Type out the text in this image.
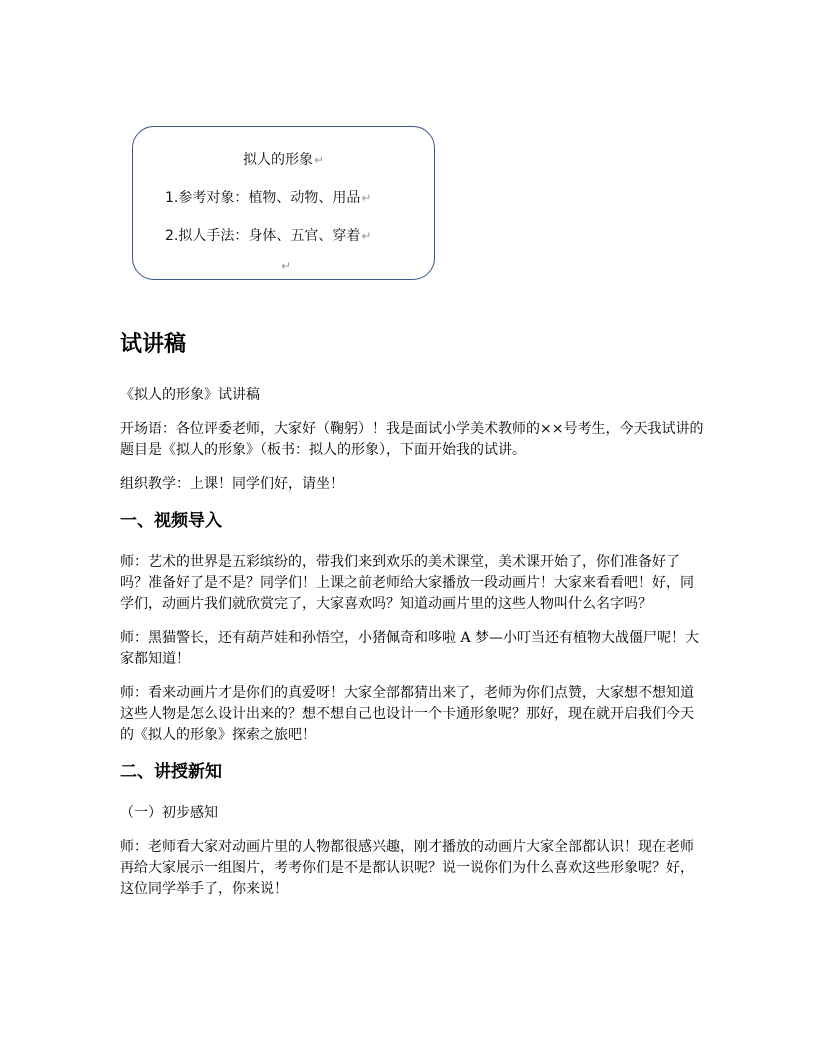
拟人的形象↵
1.参考对象：植物、动物、用品↵
2.拟人手法：身体、五官、穿着↵
↵
试讲稿

《拟人的形象》试讲稿

开场语：各位评委老师，大家好（鞠躬）！我是面试小学美术教师的××号考生，今天我试讲的题目是《拟人的形象》（板书：拟人的形象），下面开始我的试讲。

组织教学：上课！同学们好，请坐！

一、视频导入

师：艺术的世界是五彩缤纷的，带我们来到欢乐的美术课堂，美术课开始了，你们准备好了吗？准备好了是不是？同学们！上课之前老师给大家播放一段动画片！大家来看看吧！好，同学们，动画片我们就欣赏完了，大家喜欢吗？知道动画片里的这些人物叫什么名字吗？

师：黑猫警长，还有葫芦娃和孙悟空，小猪佩奇和哆啦 A 梦—小叮当还有植物大战僵尸呢！大家都知道！

师：看来动画片才是你们的真爱呀！大家全部都猜出来了，老师为你们点赞，大家想不想知道这些人物是怎么设计出来的？想不想自己也设计一个卡通形象呢？那好，现在就开启我们今天的《拟人的形象》探索之旅吧！

二、讲授新知

（一）初步感知

师：老师看大家对动画片里的人物都很感兴趣，刚才播放的动画片大家全部都认识！现在老师再给大家展示一组图片，考考你们是不是都认识呢？说一说你们为什么喜欢这些形象呢？好，这位同学举手了，你来说！
